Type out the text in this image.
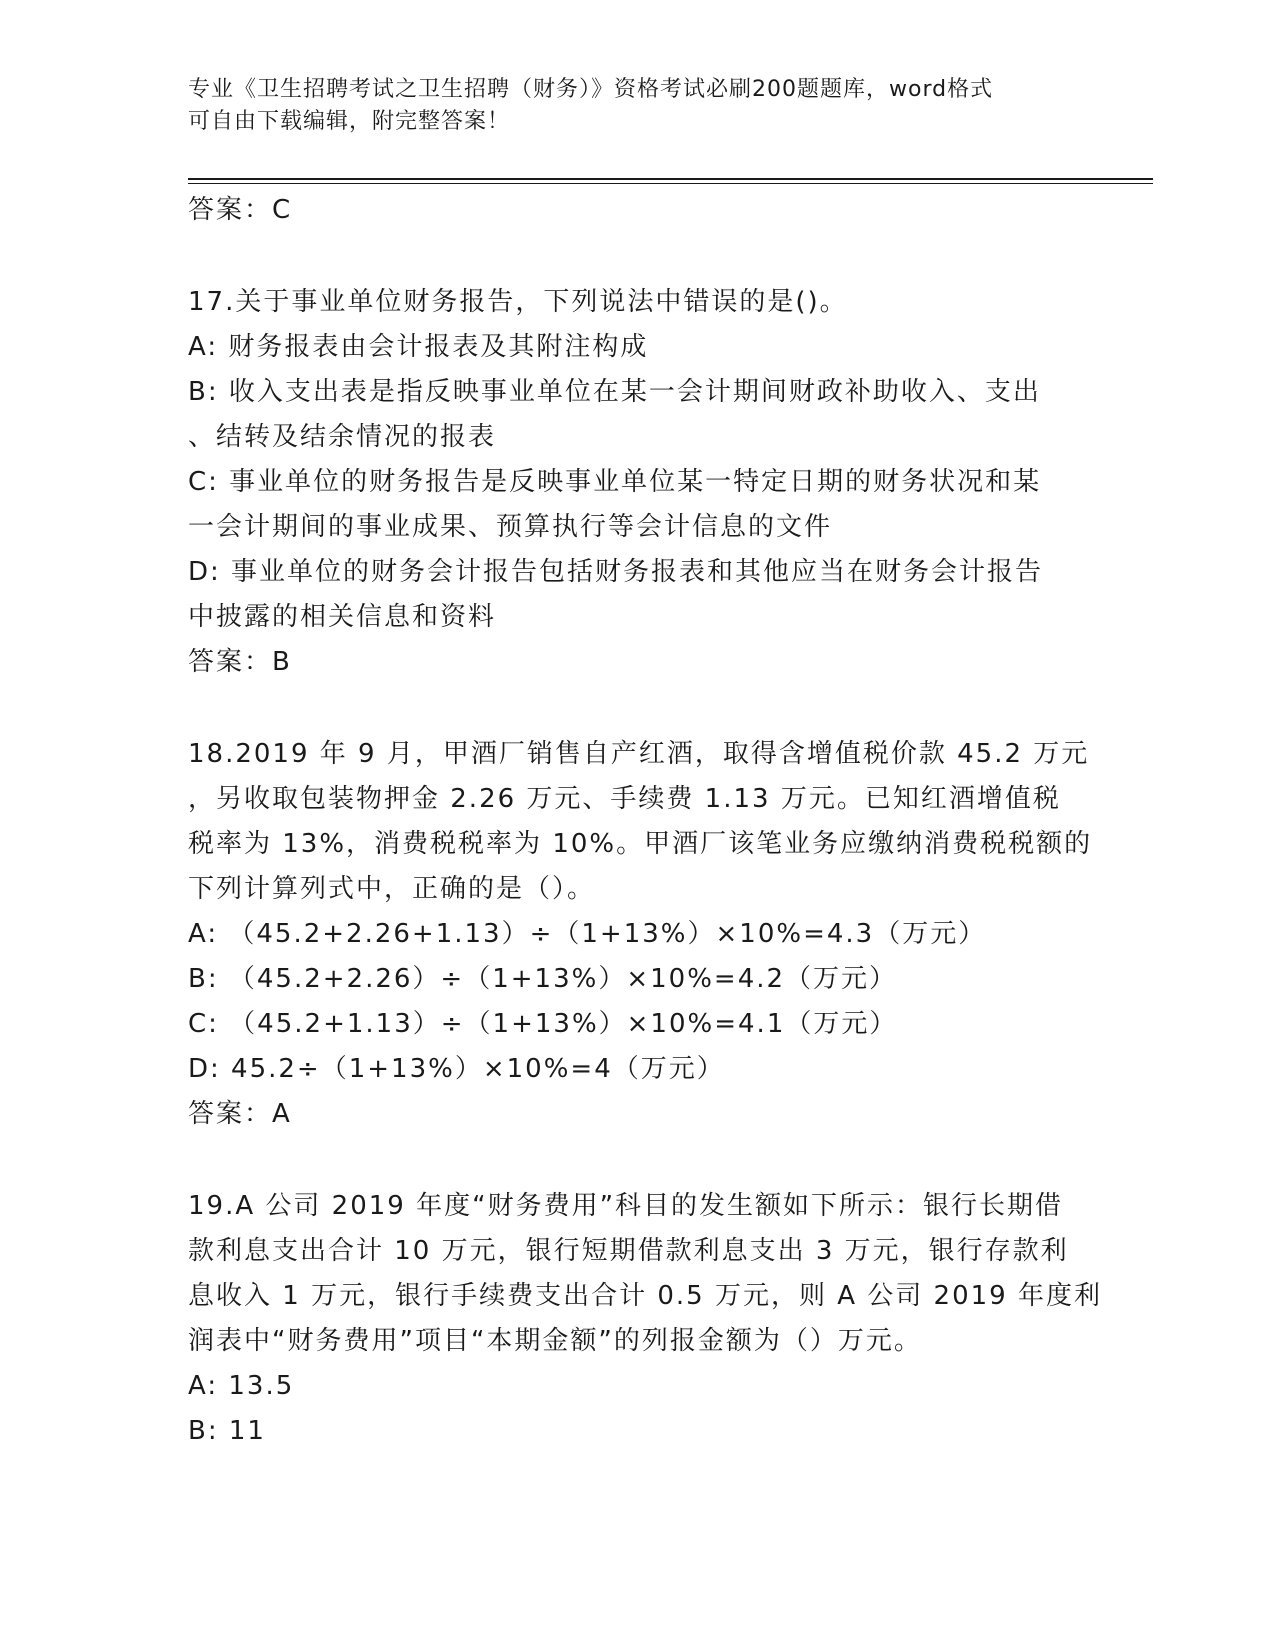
专业《卫生招聘考试之卫生招聘（财务）》资格考试必刷200题题库，word格式
可自由下载编辑，附完整答案！
答案：C
17.关于事业单位财务报告，下列说法中错误的是()。
A: 财务报表由会计报表及其附注构成
B: 收入支出表是指反映事业单位在某一会计期间财政补助收入、支出
、结转及结余情况的报表
C: 事业单位的财务报告是反映事业单位某一特定日期的财务状况和某
一会计期间的事业成果、预算执行等会计信息的文件
D: 事业单位的财务会计报告包括财务报表和其他应当在财务会计报告
中披露的相关信息和资料
答案：B
18.2019 年 9 月，甲酒厂销售自产红酒，取得含增值税价款 45.2 万元
，另收取包装物押金 2.26 万元、手续费 1.13 万元。已知红酒增值税
税率为 13%，消费税税率为 10%。甲酒厂该笔业务应缴纳消费税税额的
下列计算列式中，正确的是（）。
A: （45.2+2.26+1.13）÷（1+13%）×10%=4.3（万元）
B: （45.2+2.26）÷（1+13%）×10%=4.2（万元）
C: （45.2+1.13）÷（1+13%）×10%=4.1（万元）
D: 45.2÷（1+13%）×10%=4（万元）
答案：A
19.A 公司 2019 年度“财务费用”科目的发生额如下所示：银行长期借
款利息支出合计 10 万元，银行短期借款利息支出 3 万元，银行存款利
息收入 1 万元，银行手续费支出合计 0.5 万元，则 A 公司 2019 年度利
润表中“财务费用”项目“本期金额”的列报金额为（）万元。
A: 13.5
B: 11
